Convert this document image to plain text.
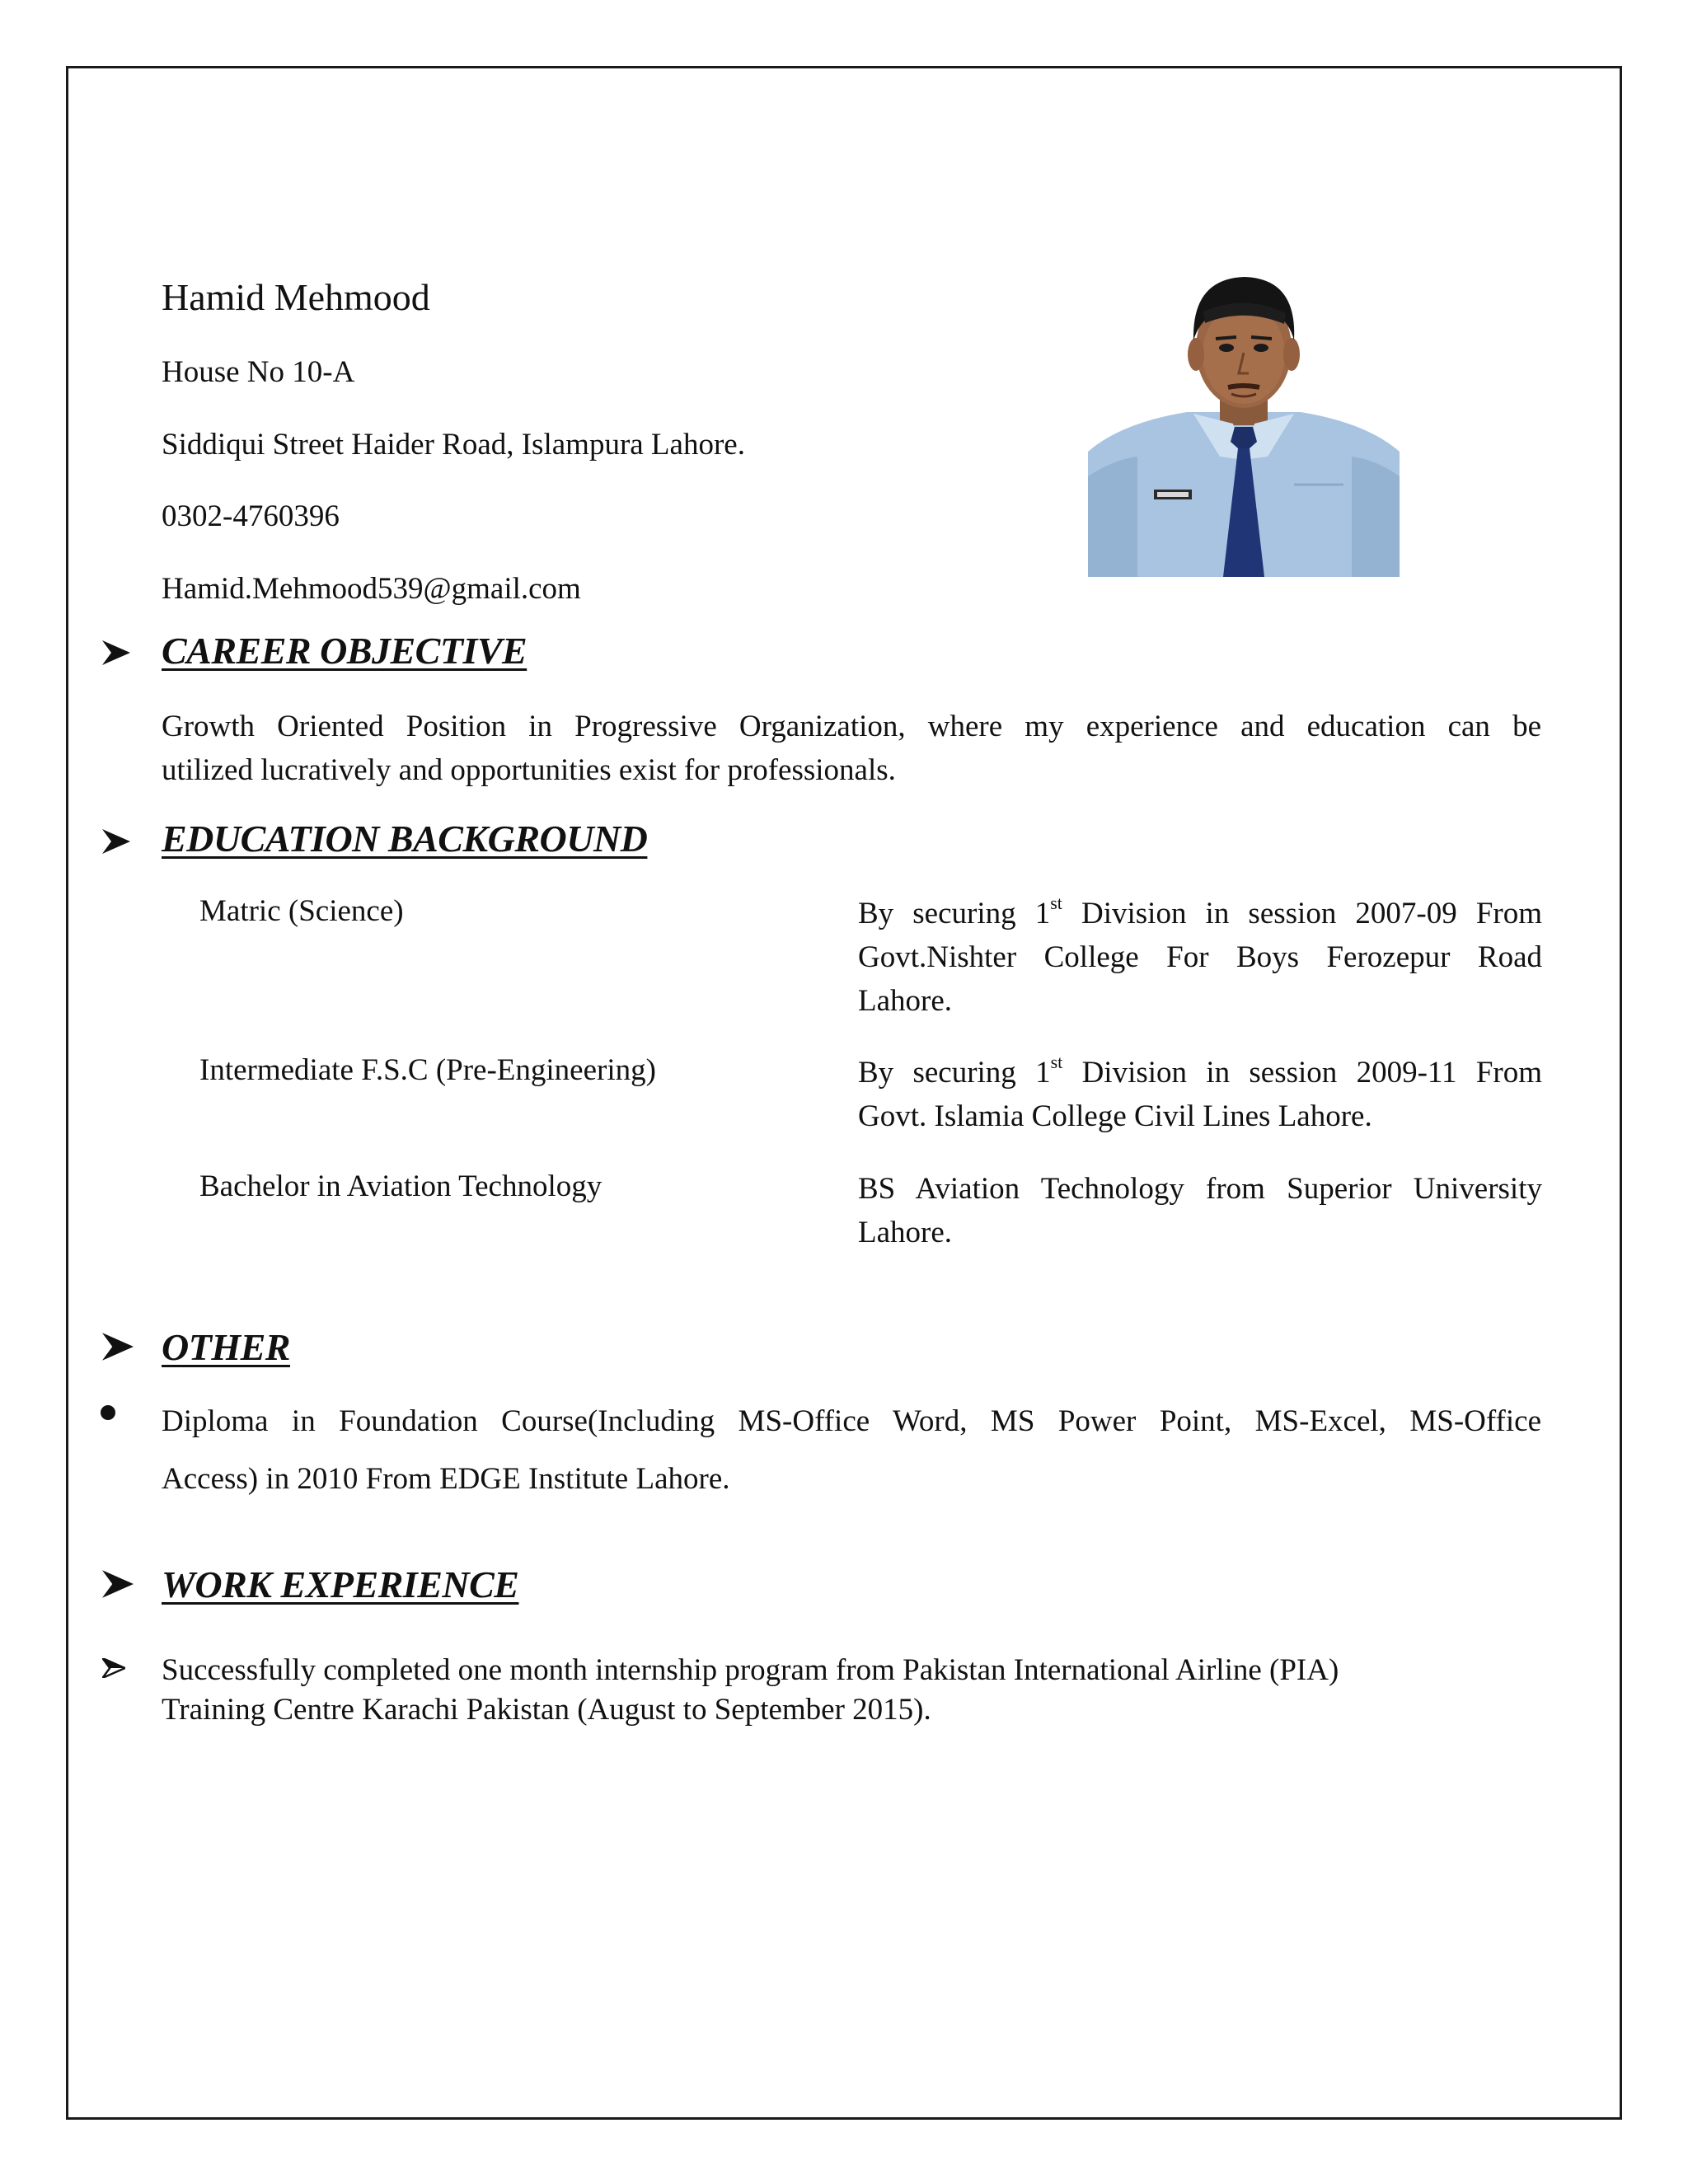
Hamid Mehmood
House No 10-A
Siddiqui Street Haider Road, Islampura Lahore.
0302-4760396
Hamid.Mehmood539@gmail.com
CAREER OBJECTIVE
Growth Oriented Position in Progressive Organization, where my experience and education can be
utilized lucratively and opportunities exist for professionals.
EDUCATION BACKGROUND
Matric (Science)	By securing 1st Division in session 2007-09 From
Govt.Nishter College For Boys Ferozepur Road
Lahore.
Intermediate F.S.C (Pre-Engineering)	By securing 1st Division in session 2009-11 From
Govt. Islamia College Civil Lines Lahore.
Bachelor in Aviation Technology	BS Aviation Technology from Superior University
Lahore.
OTHER
Diploma in Foundation Course(Including MS-Office Word, MS Power Point, MS-Excel, MS-Office
Access) in 2010 From EDGE Institute Lahore.
WORK EXPERIENCE
Successfully completed one month internship program from Pakistan International Airline (PIA)
Training Centre Karachi Pakistan (August to September 2015).
